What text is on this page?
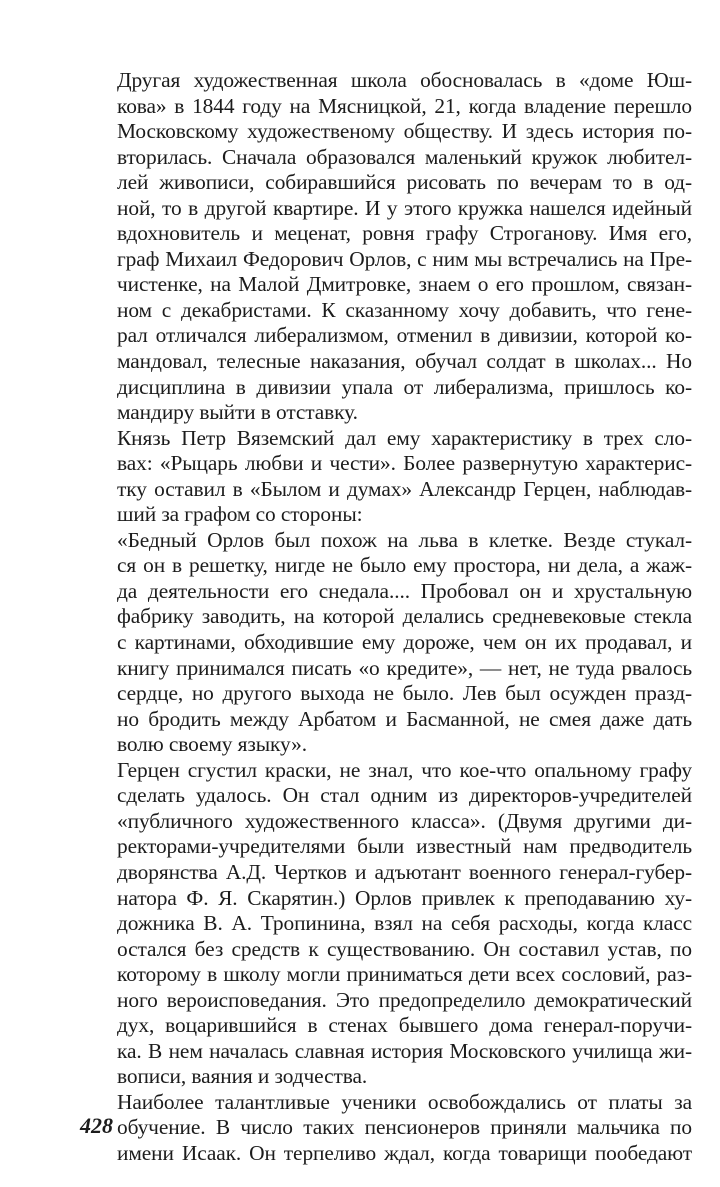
Другая художественная школа обосновалась в «доме Юш-
кова» в 1844 году на Мясницкой, 21, когда владение перешло
Московскому художественому обществу. И здесь история по-
вторилась. Сначала образовался маленький кружок любител-
лей живописи, собиравшийся рисовать по вечерам то в од-
ной, то в другой квартире. И у этого кружка нашелся идейный
вдохновитель и меценат, ровня графу Строганову. Имя его,
граф Михаил Федорович Орлов, с ним мы встречались на Пре-
чистенке, на Малой Дмитровке, знаем о его прошлом, связан-
ном с декабристами. К сказанному хочу добавить, что гене-
рал отличался либерализмом, отменил в дивизии, которой ко-
мандовал, телесные наказания, обучал солдат в школах... Но
дисциплина в дивизии упала от либерализма, пришлось ко-
мандиру выйти в отставку.
Князь Петр Вяземский дал ему характеристику в трех сло-
вах: «Рыцарь любви и чести». Более развернутую характерис-
тку оставил в «Былом и думах» Александр Герцен, наблюдав-
ший за графом со стороны:
«Бедный Орлов был похож на льва в клетке. Везде стукал-
ся он в решетку, нигде не было ему простора, ни дела, а жаж-
да деятельности его снедала.... Пробовал он и хрустальную
фабрику заводить, на которой делались средневековые стекла
с картинами, обходившие ему дороже, чем он их продавал, и
книгу принимался писать «о кредите», — нет, не туда рвалось
сердце, но другого выхода не было. Лев был осужден празд-
но бродить между Арбатом и Басманной, не смея даже дать
волю своему языку».
Герцен сгустил краски, не знал, что кое-что опальному графу
сделать удалось. Он стал одним из директоров-учредителей
«публичного художественного класса». (Двумя другими ди-
ректорами-учредителями были известный нам предводитель
дворянства А.Д. Чертков и адъютант военного генерал-губер-
натора Ф. Я. Скарятин.) Орлов привлек к преподаванию ху-
дожника В. А. Тропинина, взял на себя расходы, когда класс
остался без средств к существованию. Он составил устав, по
которому в школу могли приниматься дети всех сословий, раз-
ного вероисповедания. Это предопределило демократический
дух, воцарившийся в стенах бывшего дома генерал-поручи-
ка. В нем началась славная история Московского училища жи-
вописи, ваяния и зодчества.
Наиболее талантливые ученики освобождались от платы за
обучение. В число таких пенсионеров приняли мальчика по
имени Исаак. Он терпеливо ждал, когда товарищи пообедают
428
